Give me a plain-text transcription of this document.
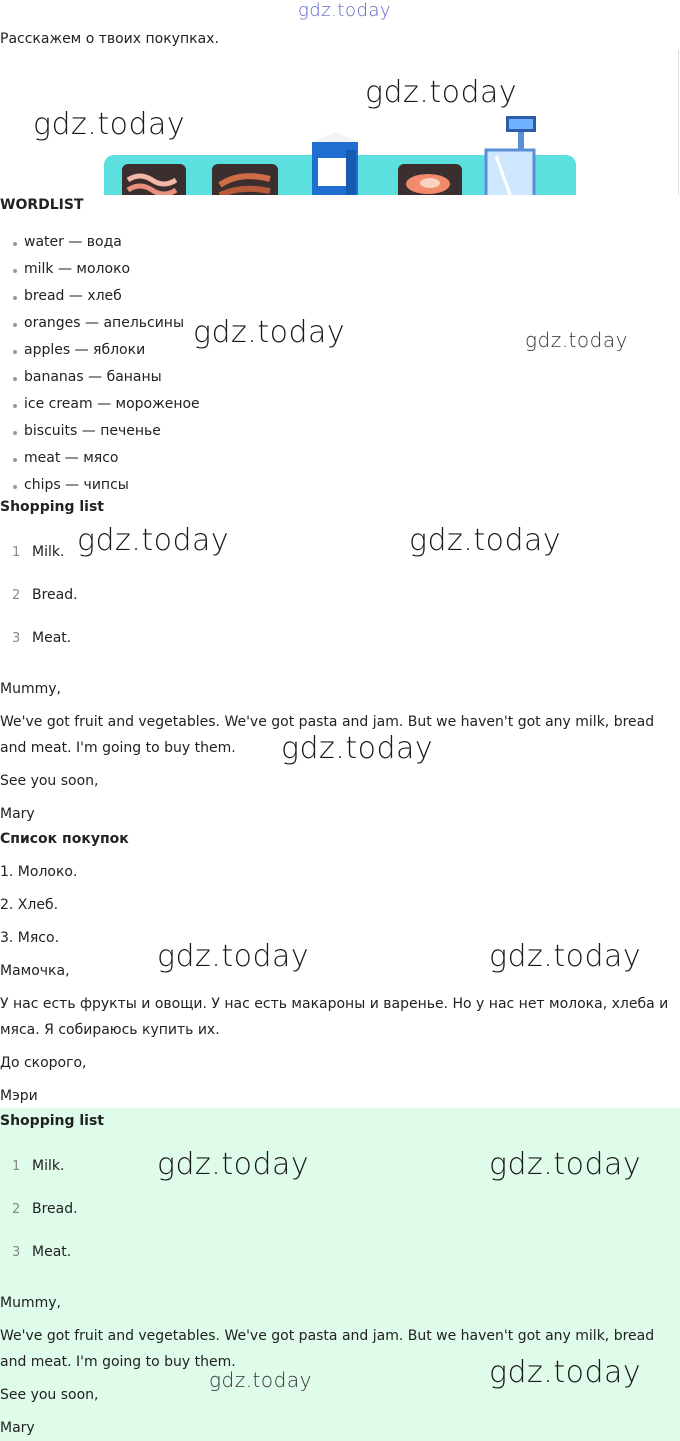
gdz.today
Расскажем о твоих покупках.
WORDLIST
water — вода
milk — молоко
bread — хлеб
oranges — апельсины
apples — яблоки
bananas — бананы
ice cream — мороженое
biscuits — печенье
meat — мясо
chips — чипсы
Shopping list
1 Milk.
2 Bread.
3 Meat.
Mummy,
We've got fruit and vegetables. We've got pasta and jam. But we haven't got any milk, bread
and meat. I'm going to buy them.
See you soon,
Mary
Список покупок
1. Молоко.
2. Хлеб.
3. Мясо.
Мамочка,
У нас есть фрукты и овощи. У нас есть макароны и варенье. Но у нас нет молока, хлеба и
мяса. Я собираюсь купить их.
До скорого,
Мэри
Shopping list
1 Milk.
2 Bread.
3 Meat.
Mummy,
We've got fruit and vegetables. We've got pasta and jam. But we haven't got any milk, bread
and meat. I'm going to buy them.
See you soon,
Mary
gdz.today
gdz.today
gdz.today	gdz.today
gdz.today	gdz.today
gdz.today
gdz.today	gdz.today
gdz.today	gdz.today
gdz.today	gdz.today
